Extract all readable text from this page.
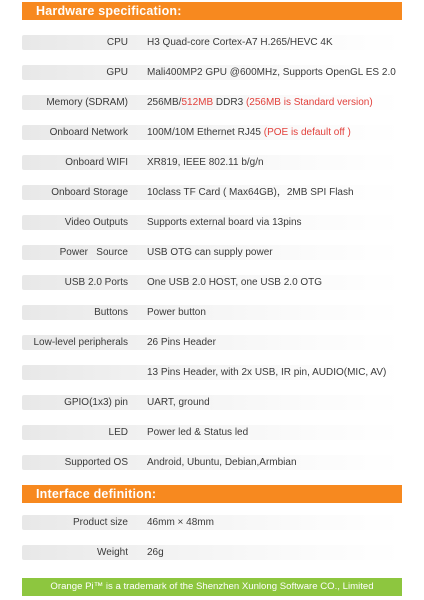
Hardware specification:
CPU H3 Quad-core Cortex-A7 H.265/HEVC 4K
GPU Mali400MP2 GPU @600MHz, Supports OpenGL ES 2.0
Memory (SDRAM) 256MB/512MB DDR3 (256MB is Standard version)
Onboard Network 100M/10M Ethernet RJ45 (POE is default off )
Onboard WIFI XR819, IEEE 802.11 b/g/n
Onboard Storage 10class TF Card ( Max64GB)，2MB SPI Flash
Video Outputs Supports external board via 13pins
Power   Source USB OTG can supply power
USB 2.0 Ports One USB 2.0 HOST, one USB 2.0 OTG
Buttons Power button
Low-level peripherals 26 Pins Header
13 Pins Header, with 2x USB, IR pin, AUDIO(MIC, AV)
GPIO(1x3) pin UART, ground
LED Power led & Status led
Supported OS Android, Ubuntu, Debian,Armbian
Interface definition:
Product size 46mm × 48mm
Weight 26g
Orange Pi™ is a trademark of the Shenzhen Xunlong Software CO., Limited
